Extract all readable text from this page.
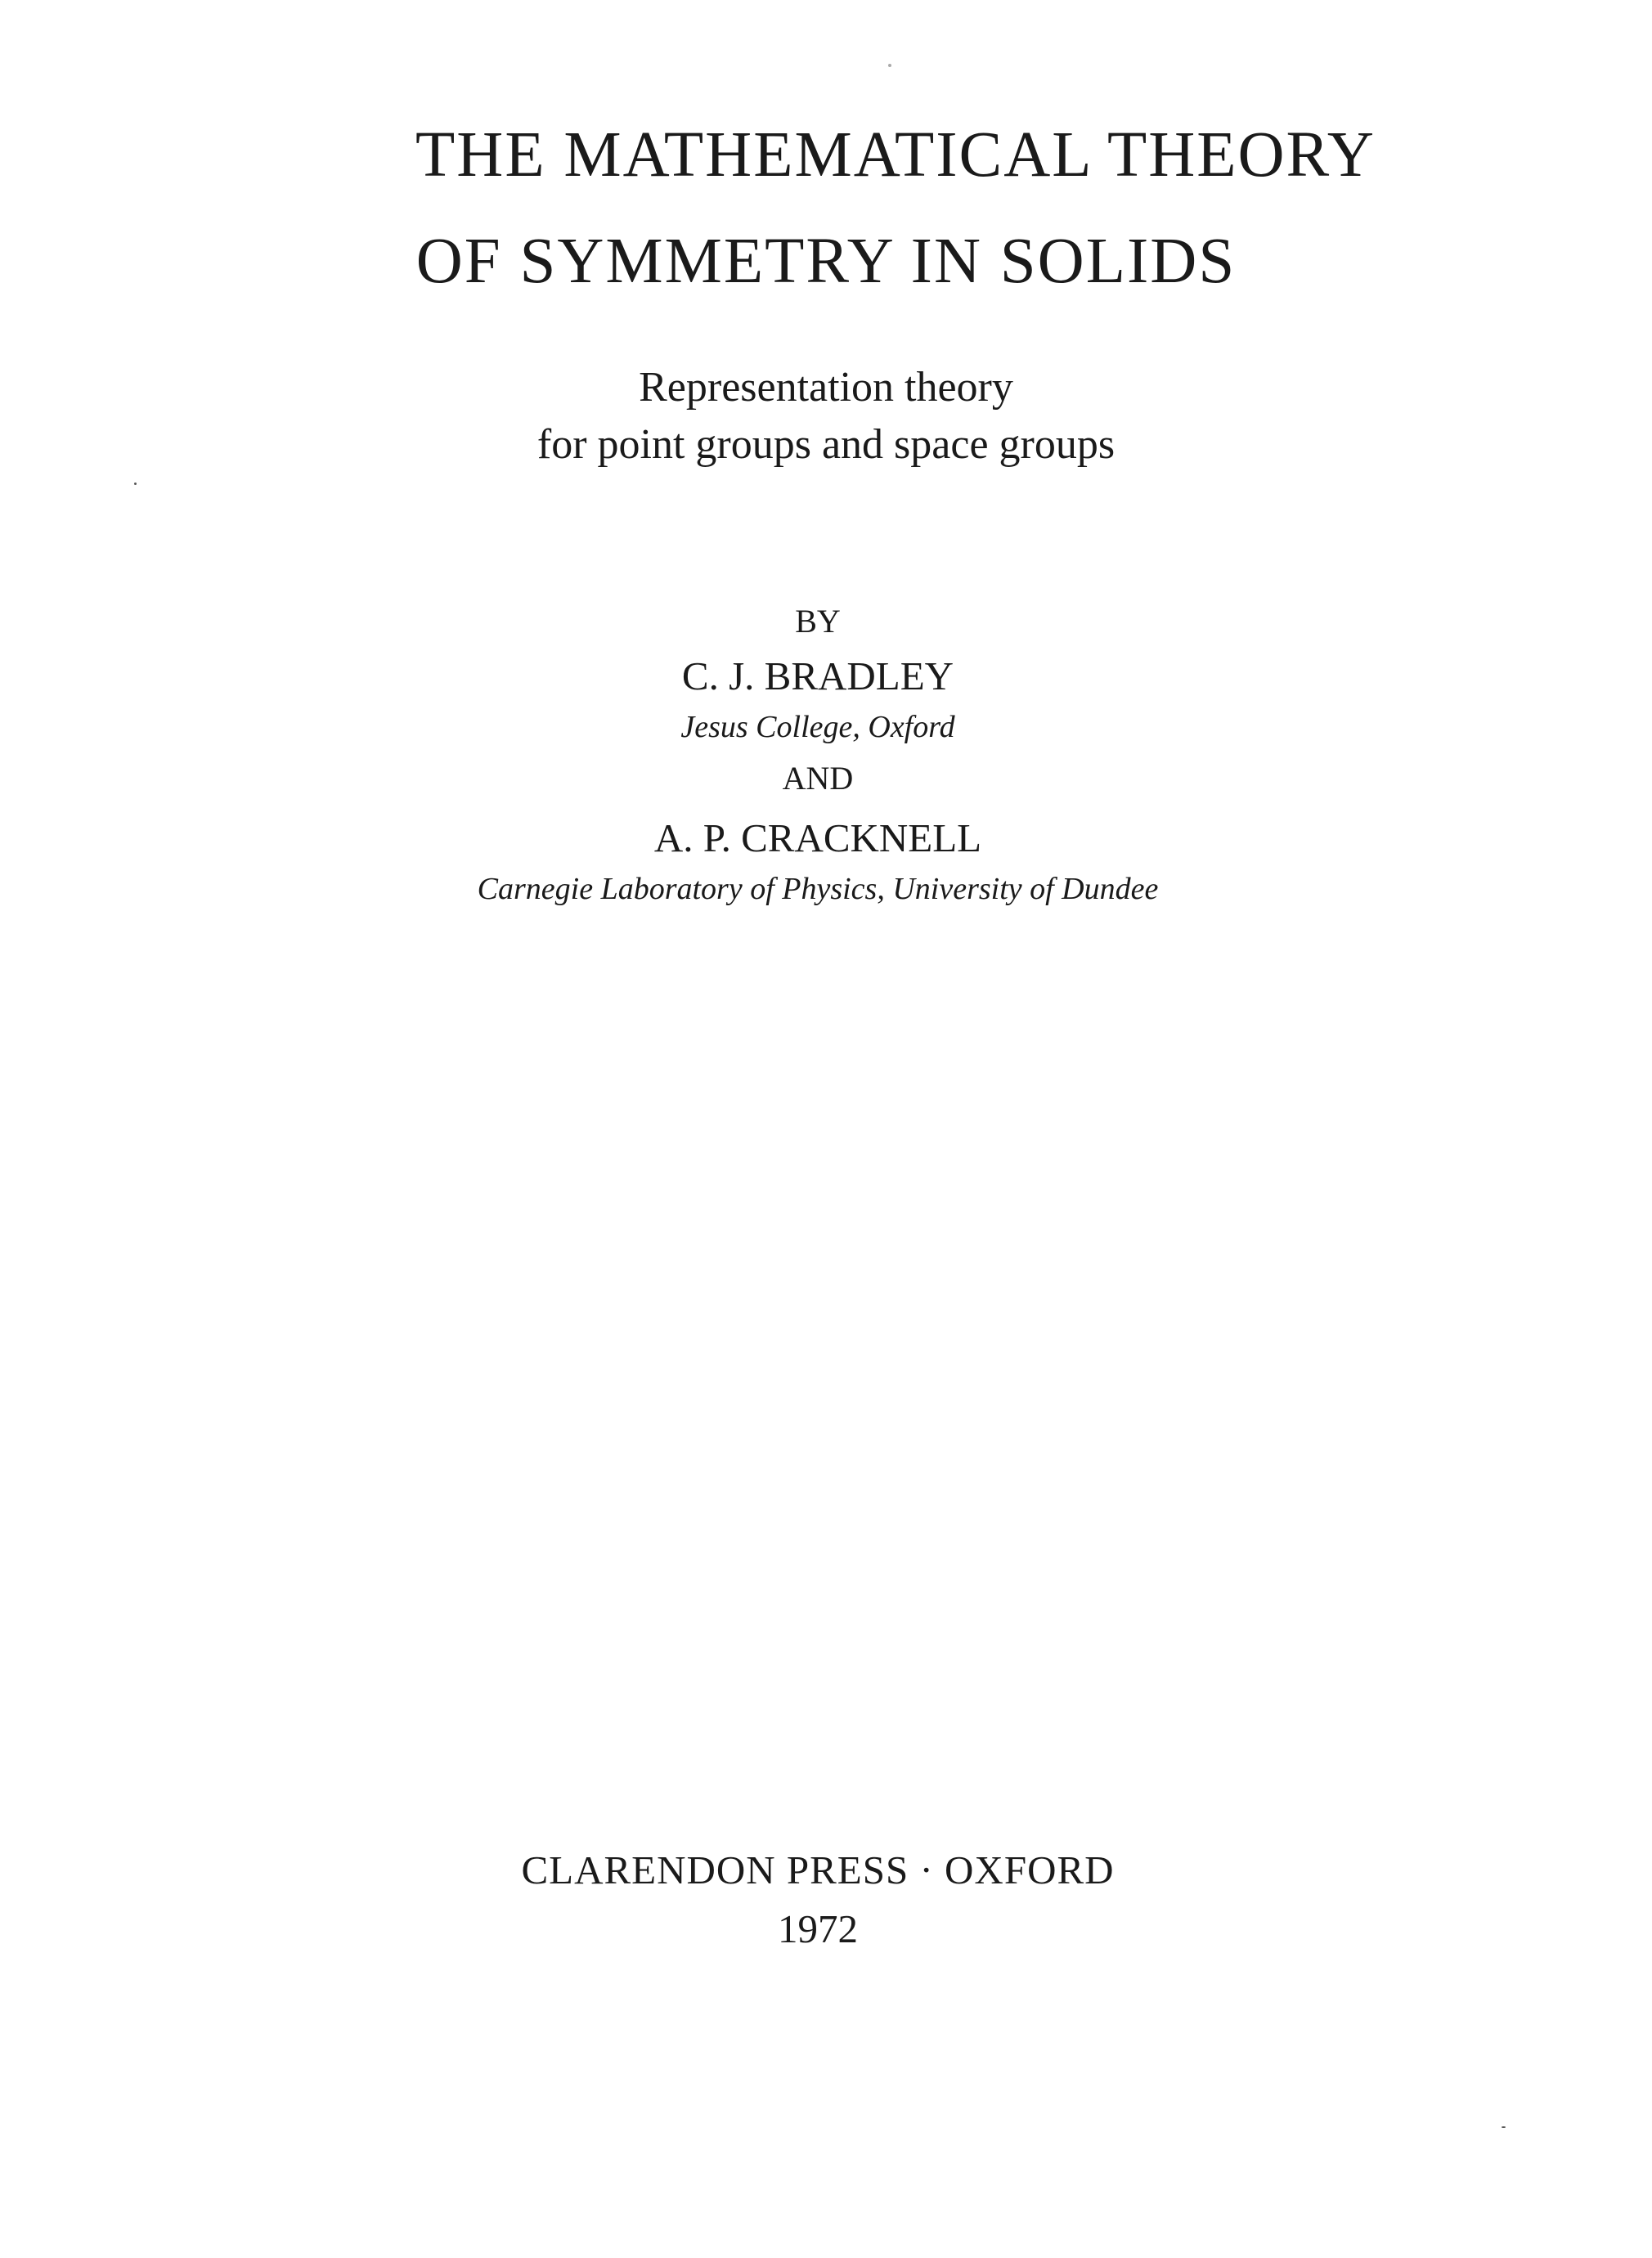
THE MATHEMATICAL THEORY
OF SYMMETRY IN SOLIDS
Representation theory
for point groups and space groups
BY
C. J. BRADLEY
Jesus College, Oxford
AND
A. P. CRACKNELL
Carnegie Laboratory of Physics, University of Dundee
CLARENDON PRESS · OXFORD
1972
